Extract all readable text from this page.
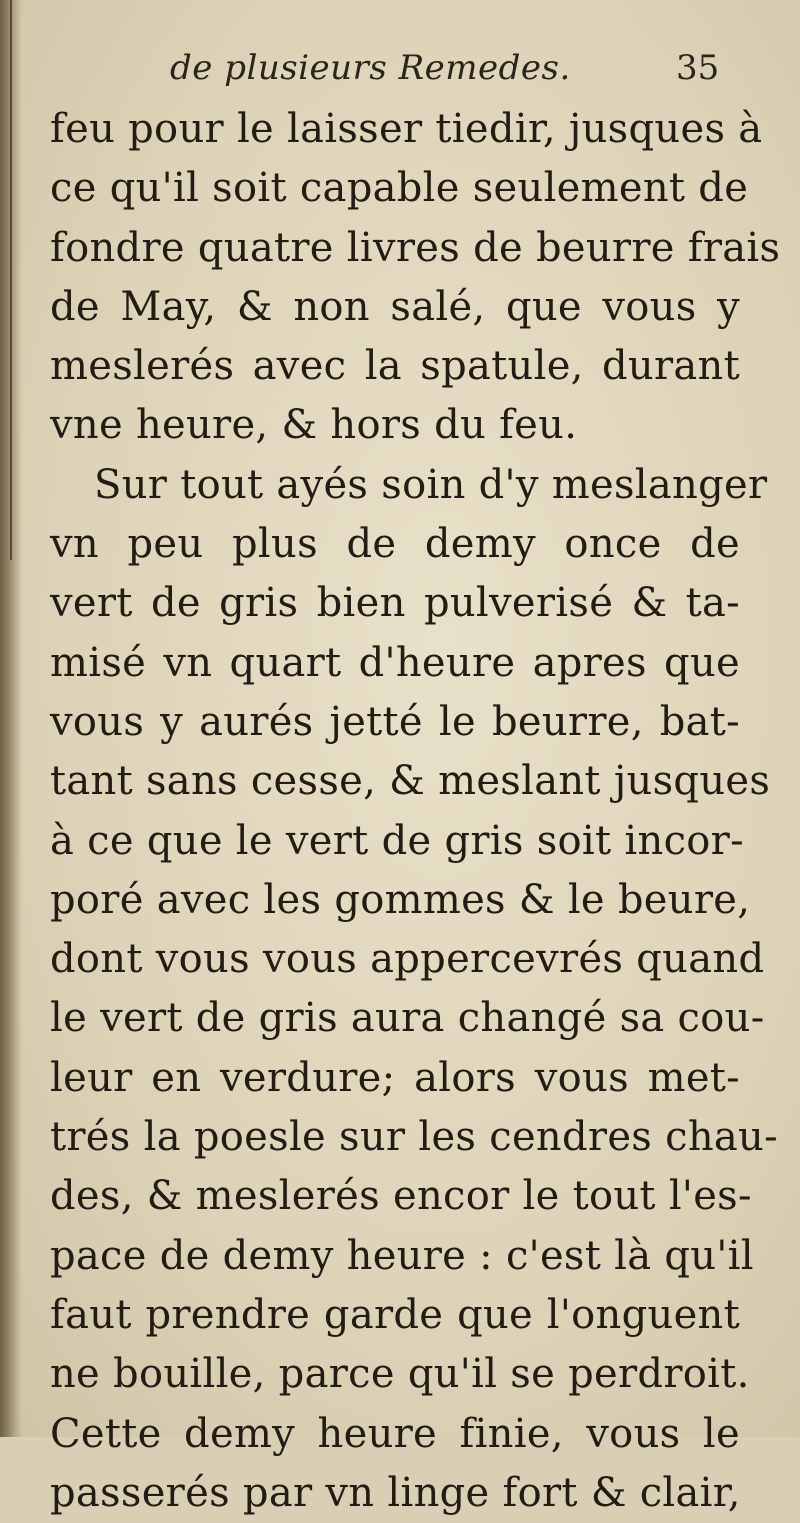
de plusieurs Remedes.	35
feu pour le laisser tiedir, jusques à
ce qu'il soit capable seulement de
fondre quatre livres de beurre frais
de May, & non salé, que vous y
meslerés avec la spatule, durant
vne heure, & hors du feu.
Sur tout ayés soin d'y meslanger
vn peu plus de demy once de
vert de gris bien pulverisé & ta-
misé vn quart d'heure apres que
vous y aurés jetté le beurre, bat-
tant sans cesse, & meslant jusques
à ce que le vert de gris soit incor-
poré avec les gommes & le beure,
dont vous vous appercevrés quand
le vert de gris aura changé sa cou-
leur en verdure; alors vous met-
trés la poesle sur les cendres chau-
des, & meslerés encor le tout l'es-
pace de demy heure : c'est là qu'il
faut prendre garde que l'onguent
ne bouille, parce qu'il se perdroit.
Cette demy heure finie, vous le
passerés par vn linge fort & clair,
